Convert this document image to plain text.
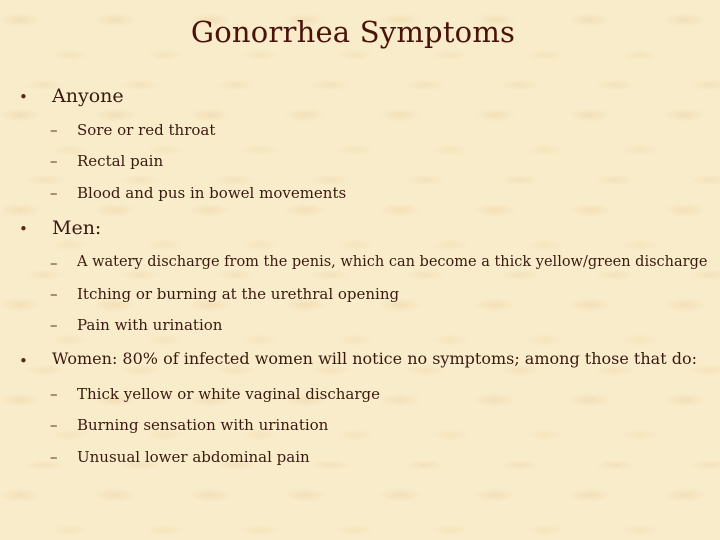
Gonorrhea Symptoms
• Anyone
– Sore or red throat
– Rectal pain
– Blood and pus in bowel movements
• Men:
– A watery discharge from the penis, which can become a thick yellow/green discharge
– Itching or burning at the urethral opening
– Pain with urination
• Women: 80% of infected women will notice no symptoms; among those that do:
– Thick yellow or white vaginal discharge
– Burning sensation with urination
– Unusual lower abdominal pain
